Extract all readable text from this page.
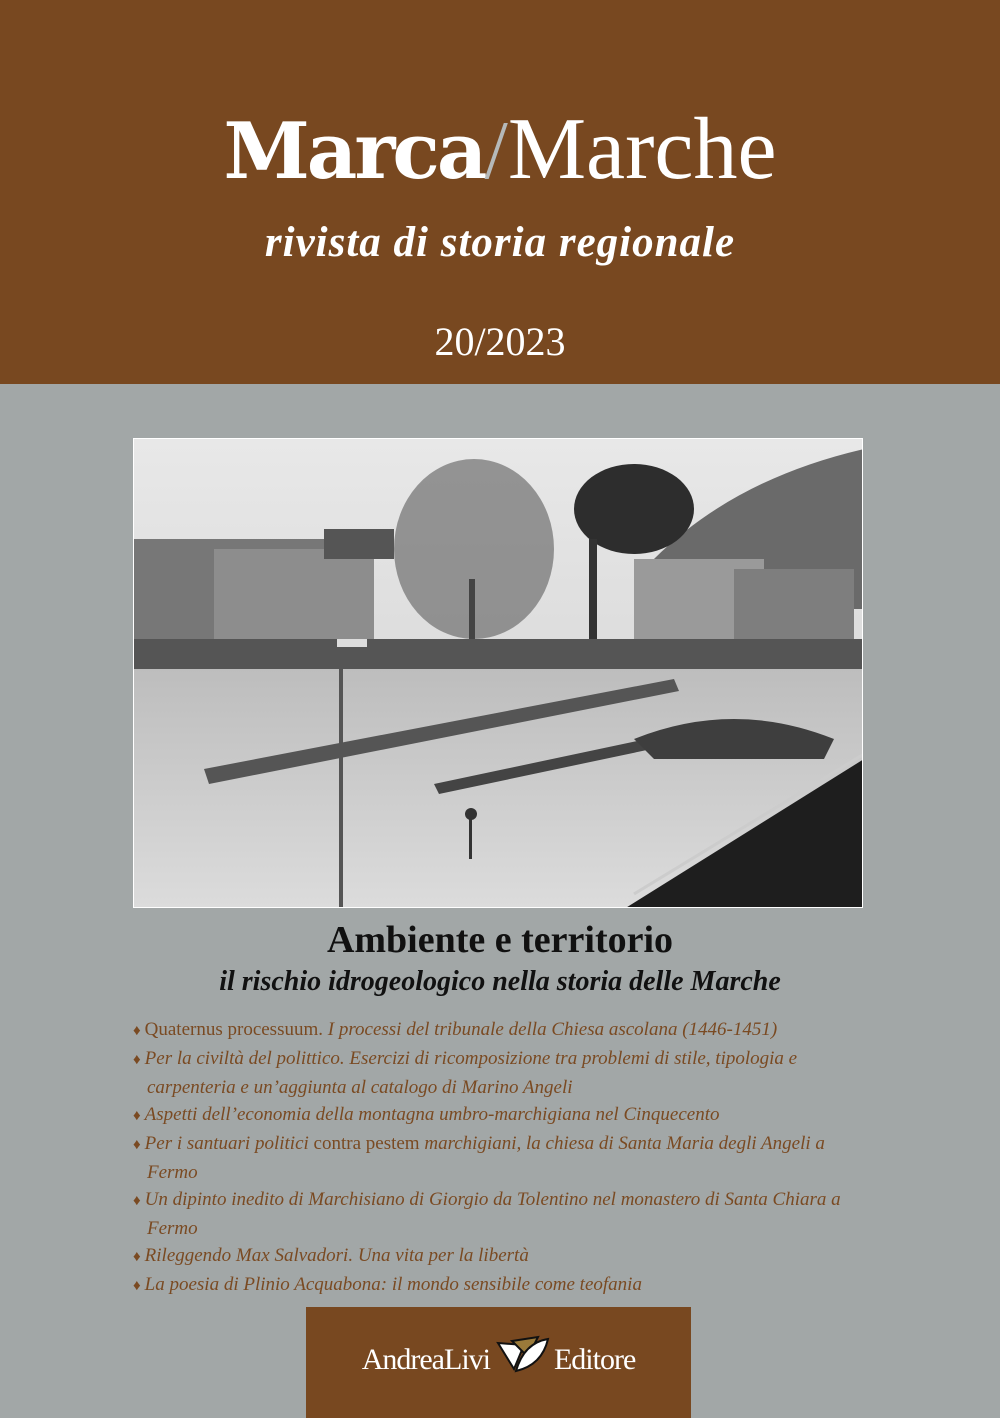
Marca/Marche
rivista di storia regionale
20/2023
Ambiente e territorio
il rischio idrogeologico nella storia delle Marche
♦ Quaternus processuum. I processi del tribunale della Chiesa ascolana (1446-1451)
♦ Per la civiltà del polittico. Esercizi di ricomposizione tra problemi di stile, tipologia e carpenteria e un’aggiunta al catalogo di Marino Angeli
♦ Aspetti dell’economia della montagna umbro-marchigiana nel Cinquecento
♦ Per i santuari politici contra pestem marchigiani, la chiesa di Santa Maria degli Angeli a Fermo
♦ Un dipinto inedito di Marchisiano di Giorgio da Tolentino nel monastero di Santa Chiara a Fermo
♦ Rileggendo Max Salvadori. Una vita per la libertà
♦ La poesia di Plinio Acquabona: il mondo sensibile come teofania
AndreaLivi Editore
